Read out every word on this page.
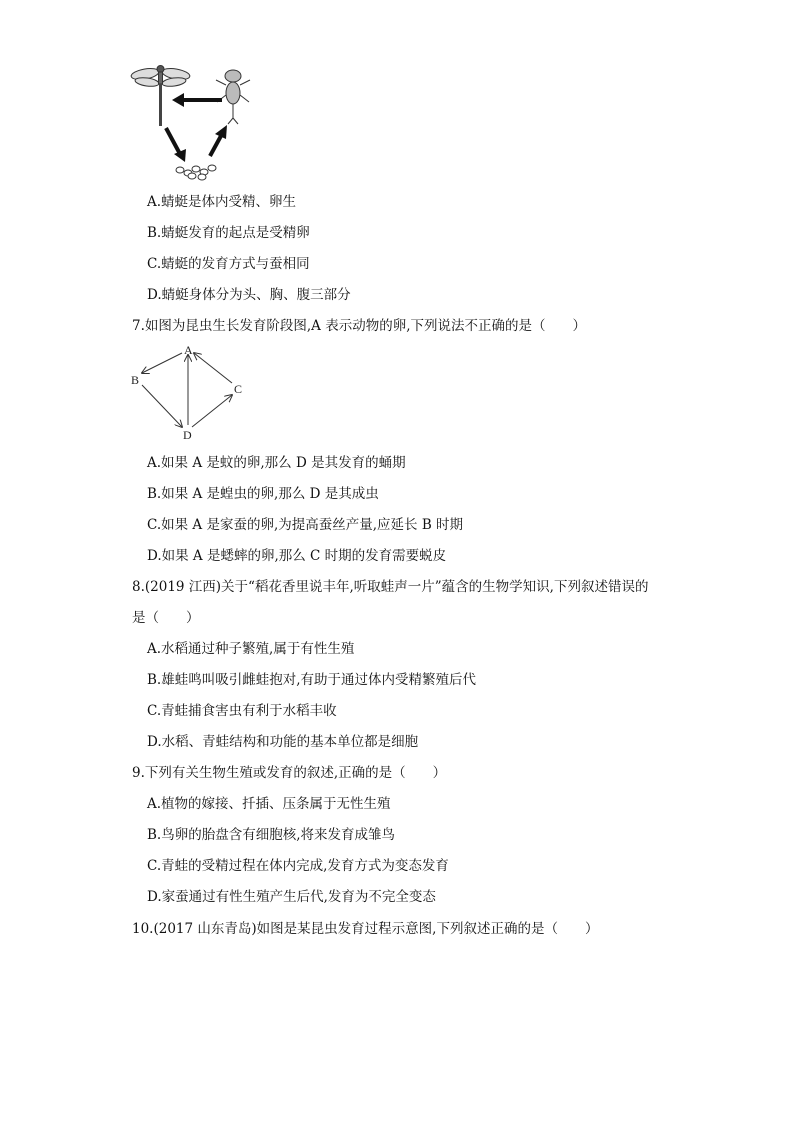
A.蜻蜓是体内受精、卵生
B.蜻蜓发育的起点是受精卵
C.蜻蜓的发育方式与蚕相同
D.蜻蜓身体分为头、胸、腹三部分
7.如图为昆虫生长发育阶段图,A 表示动物的卵,下列说法不正确的是（　　）
A
B
C
D
A.如果 A 是蚊的卵,那么 D 是其发育的蛹期
B.如果 A 是蝗虫的卵,那么 D 是其成虫
C.如果 A 是家蚕的卵,为提高蚕丝产量,应延长 B 时期
D.如果 A 是蟋蟀的卵,那么 C 时期的发育需要蜕皮
8.(2019 江西)关于“稻花香里说丰年,听取蛙声一片”蕴含的生物学知识,下列叙述错误的
是（　　）
A.水稻通过种子繁殖,属于有性生殖
B.雄蛙鸣叫吸引雌蛙抱对,有助于通过体内受精繁殖后代
C.青蛙捕食害虫有利于水稻丰收
D.水稻、青蛙结构和功能的基本单位都是细胞
9.下列有关生物生殖或发育的叙述,正确的是（　　）
A.植物的嫁接、扦插、压条属于无性生殖
B.鸟卵的胎盘含有细胞核,将来发育成雏鸟
C.青蛙的受精过程在体内完成,发育方式为变态发育
D.家蚕通过有性生殖产生后代,发育为不完全变态
10.(2017 山东青岛)如图是某昆虫发育过程示意图,下列叙述正确的是（　　）
